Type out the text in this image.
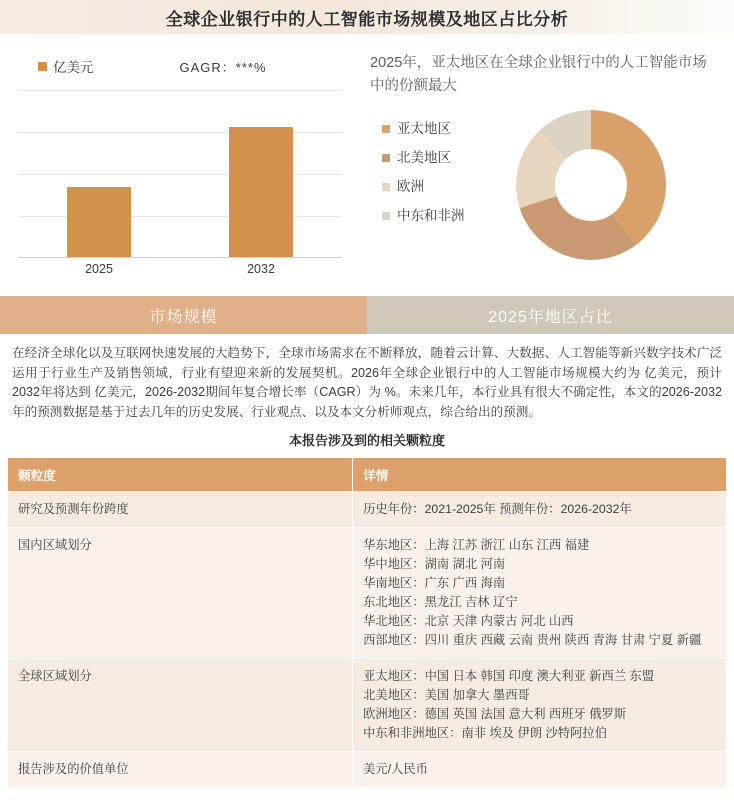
全球企业银行中的人工智能市场规模及地区占比分析
亿美元	GAGR：***%
2025	2032
2025年，亚太地区在全球企业银行中的人工智能市场中的份额最大
亚太地区
北美地区
欧洲
中东和非洲
市场规模	2025年地区占比
在经济全球化以及互联网快速发展的大趋势下，全球市场需求在不断释放，随着云计算、大数据、人工智能等新兴数字技术广泛运用于行业生产及销售领域，行业有望迎来新的发展契机。2026年全球企业银行中的人工智能市场规模大约为 亿美元，预计2032年将达到 亿美元，2026-2032期间年复合增长率（CAGR）为 %。未来几年，本行业具有很大不确定性，本文的2026-2032年的预测数据是基于过去几年的历史发展、行业观点、以及本文分析师观点，综合给出的预测。
本报告涉及到的相关颗粒度
颗粒度	详情
研究及预测年份跨度	历史年份：2021-2025年 预测年份：2026-2032年

国内区域划分	华东地区：上海 江苏 浙江 山东 江西 福建
华中地区：湖南 湖北 河南
华南地区：广东 广西 海南
东北地区：黑龙江 吉林 辽宁
华北地区：北京 天津 内蒙古 河北 山西
西部地区：四川 重庆 西藏 云南 贵州 陕西 青海 甘肃 宁夏 新疆

全球区域划分	亚太地区：中国 日本 韩国 印度 澳大利亚 新西兰 东盟
北美地区：美国 加拿大 墨西哥
欧洲地区：德国 英国 法国 意大利 西班牙 俄罗斯
中东和非洲地区：南非 埃及 伊朗 沙特阿拉伯

报告涉及的价值单位	美元/人民币
